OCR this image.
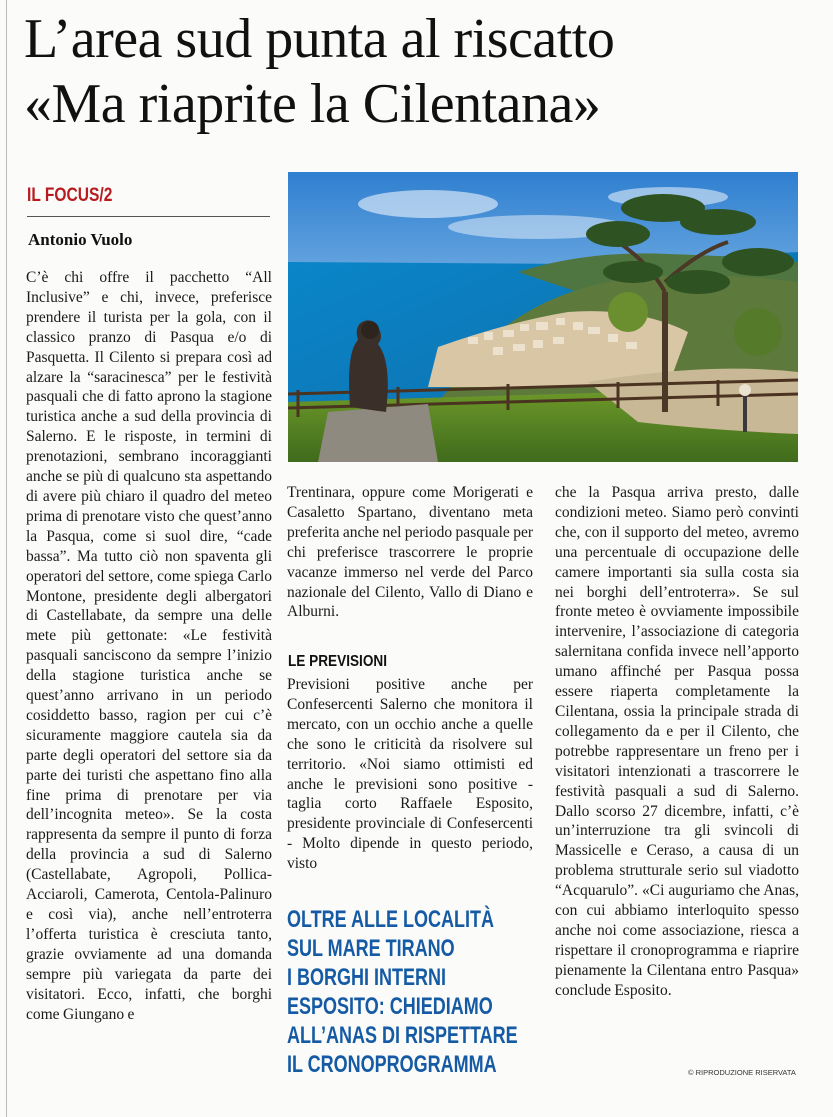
L’area sud punta al riscatto
«Ma riaprite la Cilentana»
IL FOCUS/2
Antonio Vuolo

C’è chi offre il pacchetto “All Inclusive” e chi, invece, preferisce prendere il turista per la gola, con il classico pranzo di Pasqua e/o di Pasquetta. Il Cilento si prepara così ad alzare la “saracinesca” per le festività pasquali che di fatto aprono la stagione turistica anche a sud della provincia di Salerno. E le risposte, in termini di prenotazioni, sembrano incoraggianti anche se più di qualcuno sta aspettando di avere più chiaro il quadro del meteo prima di prenotare visto che quest’anno la Pasqua, come si suol dire, “cade bassa”. Ma tutto ciò non spaventa gli operatori del settore, come spiega Carlo Montone, presidente degli albergatori di Castellabate, da sempre una delle mete più gettonate: «Le festività pasquali sanciscono da sempre l’inizio della stagione turistica anche se quest’anno arrivano in un periodo cosiddetto basso, ragion per cui c’è sicuramente maggiore cautela sia da parte degli operatori del settore sia da parte dei turisti che aspettano fino alla fine prima di prenotare per via dell’incognita meteo». Se la costa rappresenta da sempre il punto di forza della provincia a sud di Salerno (Castellabate, Agropoli, Pollica-Acciaroli, Camerota, Centola-Palinuro e così via), anche nell’entroterra l’offerta turistica è cresciuta tanto, grazie ovviamente ad una domanda sempre più variegata da parte dei visitatori. Ecco, infatti, che borghi come Giungano e

Trentinara, oppure come Morigerati e Casaletto Spartano, diventano meta preferita anche nel periodo pasquale per chi preferisce trascorrere le proprie vacanze immerso nel verde del Parco nazionale del Cilento, Vallo di Diano e Alburni.

LE PREVISIONI

Previsioni positive anche per Confesercenti Salerno che monitora il mercato, con un occhio anche a quelle che sono le criticità da risolvere sul territorio. «Noi siamo ottimisti ed anche le previsioni sono positive - taglia corto Raffaele Esposito, presidente provinciale di Confesercenti - Molto dipende in questo periodo, visto

OLTRE ALLE LOCALITÀ
SUL MARE TIRANO
I BORGHI INTERNI
ESPOSITO: CHIEDIAMO
ALL’ANAS DI RISPETTARE
IL CRONOPROGRAMMA

che la Pasqua arriva presto, dalle condizioni meteo. Siamo però convinti che, con il supporto del meteo, avremo una percentuale di occupazione delle camere importanti sia sulla costa sia nei borghi dell’entroterra». Se sul fronte meteo è ovviamente impossibile intervenire, l’associazione di categoria salernitana confida invece nell’apporto umano affinché per Pasqua possa essere riaperta completamente la Cilentana, ossia la principale strada di collegamento da e per il Cilento, che potrebbe rappresentare un freno per i visitatori intenzionati a trascorrere le festività pasquali a sud di Salerno. Dallo scorso 27 dicembre, infatti, c’è un’interruzione tra gli svincoli di Massicelle e Ceraso, a causa di un problema strutturale serio sul viadotto “Acquarulo”. «Ci auguriamo che Anas, con cui abbiamo interloquito spesso anche noi come associazione, riesca a rispettare il cronoprogramma e riaprire pienamente la Cilentana entro Pasqua» conclude Esposito.

© RIPRODUZIONE RISERVATA
